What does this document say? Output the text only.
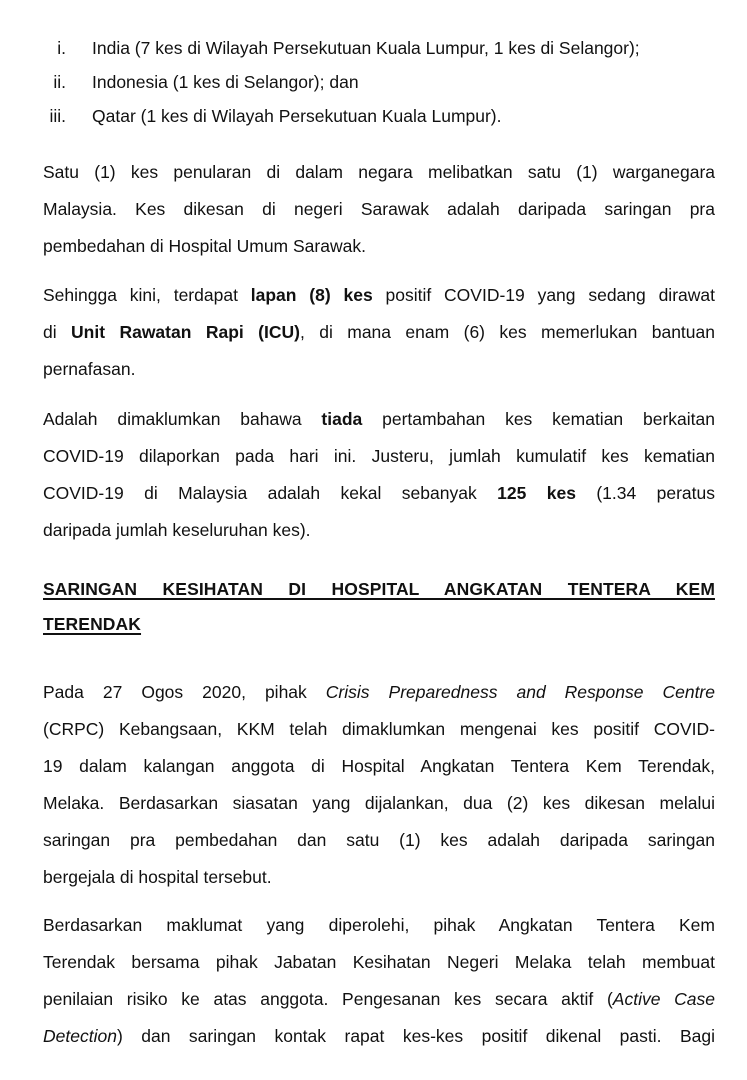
i. India (7 kes di Wilayah Persekutuan Kuala Lumpur, 1 kes di Selangor);
ii. Indonesia (1 kes di Selangor); dan
iii. Qatar (1 kes di Wilayah Persekutuan Kuala Lumpur).
Satu (1) kes penularan di dalam negara melibatkan satu (1) warganegara
Malaysia. Kes dikesan di negeri Sarawak adalah daripada saringan pra
pembedahan di Hospital Umum Sarawak.
Sehingga kini, terdapat lapan (8) kes positif COVID-19 yang sedang dirawat
di Unit Rawatan Rapi (ICU), di mana enam (6) kes memerlukan bantuan
pernafasan.
Adalah dimaklumkan bahawa tiada pertambahan kes kematian berkaitan
COVID-19 dilaporkan pada hari ini. Justeru, jumlah kumulatif kes kematian
COVID-19 di Malaysia adalah kekal sebanyak 125 kes (1.34 peratus
daripada jumlah keseluruhan kes).
SARINGAN KESIHATAN DI HOSPITAL ANGKATAN TENTERA KEM
TERENDAK
Pada 27 Ogos 2020, pihak Crisis Preparedness and Response Centre
(CRPC) Kebangsaan, KKM telah dimaklumkan mengenai kes positif COVID-
19 dalam kalangan anggota di Hospital Angkatan Tentera Kem Terendak,
Melaka. Berdasarkan siasatan yang dijalankan, dua (2) kes dikesan melalui
saringan pra pembedahan dan satu (1) kes adalah daripada saringan
bergejala di hospital tersebut.
Berdasarkan maklumat yang diperolehi, pihak Angkatan Tentera Kem
Terendak bersama pihak Jabatan Kesihatan Negeri Melaka telah membuat
penilaian risiko ke atas anggota. Pengesanan kes secara aktif (Active Case
Detection) dan saringan kontak rapat kes-kes positif dikenal pasti. Bagi
